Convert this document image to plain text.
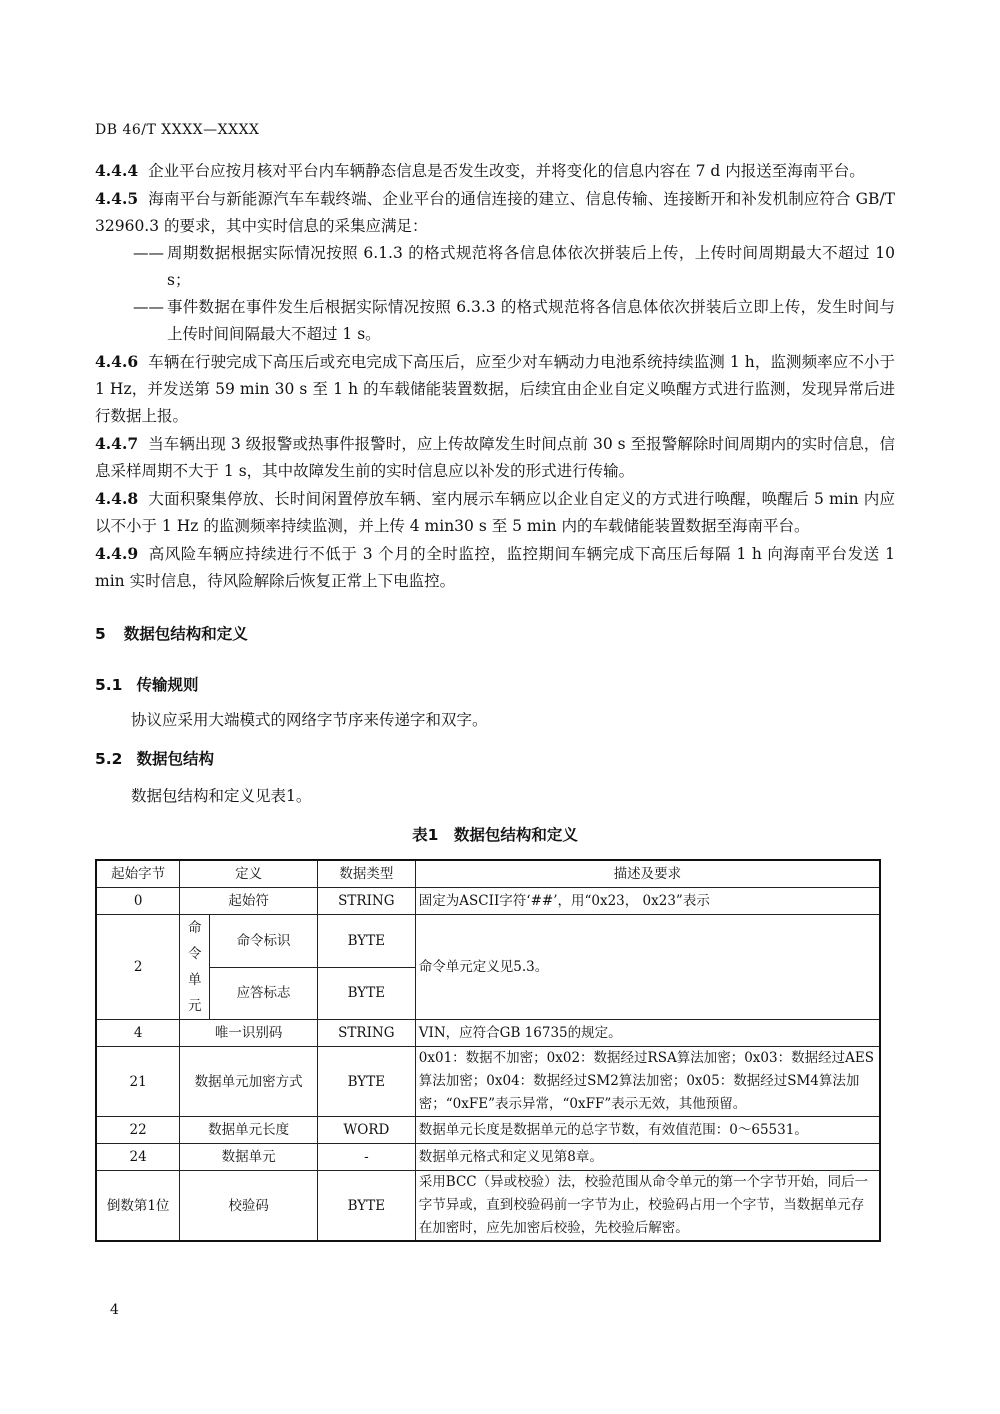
DB 46/T XXXX—XXXX

4.4.4 企业平台应按月核对平台内车辆静态信息是否发生改变，并将变化的信息内容在 7 d 内报送至海南平台。

4.4.5 海南平台与新能源汽车车载终端、企业平台的通信连接的建立、信息传输、连接断开和补发机制应符合 GB/T 32960.3 的要求，其中实时信息的采集应满足：

—— 周期数据根据实际情况按照 6.1.3 的格式规范将各信息体依次拼装后上传，上传时间周期最大不超过 10 s；

—— 事件数据在事件发生后根据实际情况按照 6.3.3 的格式规范将各信息体依次拼装后立即上传，发生时间与上传时间间隔最大不超过 1 s。

4.4.6 车辆在行驶完成下高压后或充电完成下高压后，应至少对车辆动力电池系统持续监测 1 h，监测频率应不小于 1 Hz，并发送第 59 min 30 s 至 1 h 的车载储能装置数据，后续宜由企业自定义唤醒方式进行监测，发现异常后进行数据上报。

4.4.7 当车辆出现 3 级报警或热事件报警时，应上传故障发生时间点前 30 s 至报警解除时间周期内的实时信息，信息采样周期不大于 1 s，其中故障发生前的实时信息应以补发的形式进行传输。

4.4.8 大面积聚集停放、长时间闲置停放车辆、室内展示车辆应以企业自定义的方式进行唤醒，唤醒后 5 min 内应以不小于 1 Hz 的监测频率持续监测，并上传 4 min30 s 至 5 min 内的车载储能装置数据至海南平台。

4.4.9 高风险车辆应持续进行不低于 3 个月的全时监控，监控期间车辆完成下高压后每隔 1 h 向海南平台发送 1 min 实时信息，待风险解除后恢复正常上下电监控。

5 数据包结构和定义

5.1 传输规则

协议应采用大端模式的网络字节序来传递字和双字。

5.2 数据包结构

数据包结构和定义见表1。

表1　数据包结构和定义

起始字节	定义		数据类型	描述及要求
0	起始符		STRING	固定为ASCII字符‘##’，用“0x23， 0x23”表示
2	命令单元	命令标识	BYTE	命令单元定义见5.3。
		应答标志	BYTE	
4	唯一识别码		STRING	VIN，应符合GB 16735的规定。
21	数据单元加密方式		BYTE	0x01：数据不加密；0x02：数据经过RSA算法加密；0x03：数据经过AES算法加密；0x04：数据经过SM2算法加密；0x05：数据经过SM4算法加密；“0xFE”表示异常，“0xFF”表示无效，其他预留。
22	数据单元长度		WORD	数据单元长度是数据单元的总字节数，有效值范围：0～65531。
24	数据单元		-	数据单元格式和定义见第8章。
倒数第1位	校验码		BYTE	采用BCC（异或校验）法，校验范围从命令单元的第一个字节开始，同后一字节异或，直到校验码前一字节为止，校验码占用一个字节，当数据单元存在加密时，应先加密后校验，先校验后解密。
4
